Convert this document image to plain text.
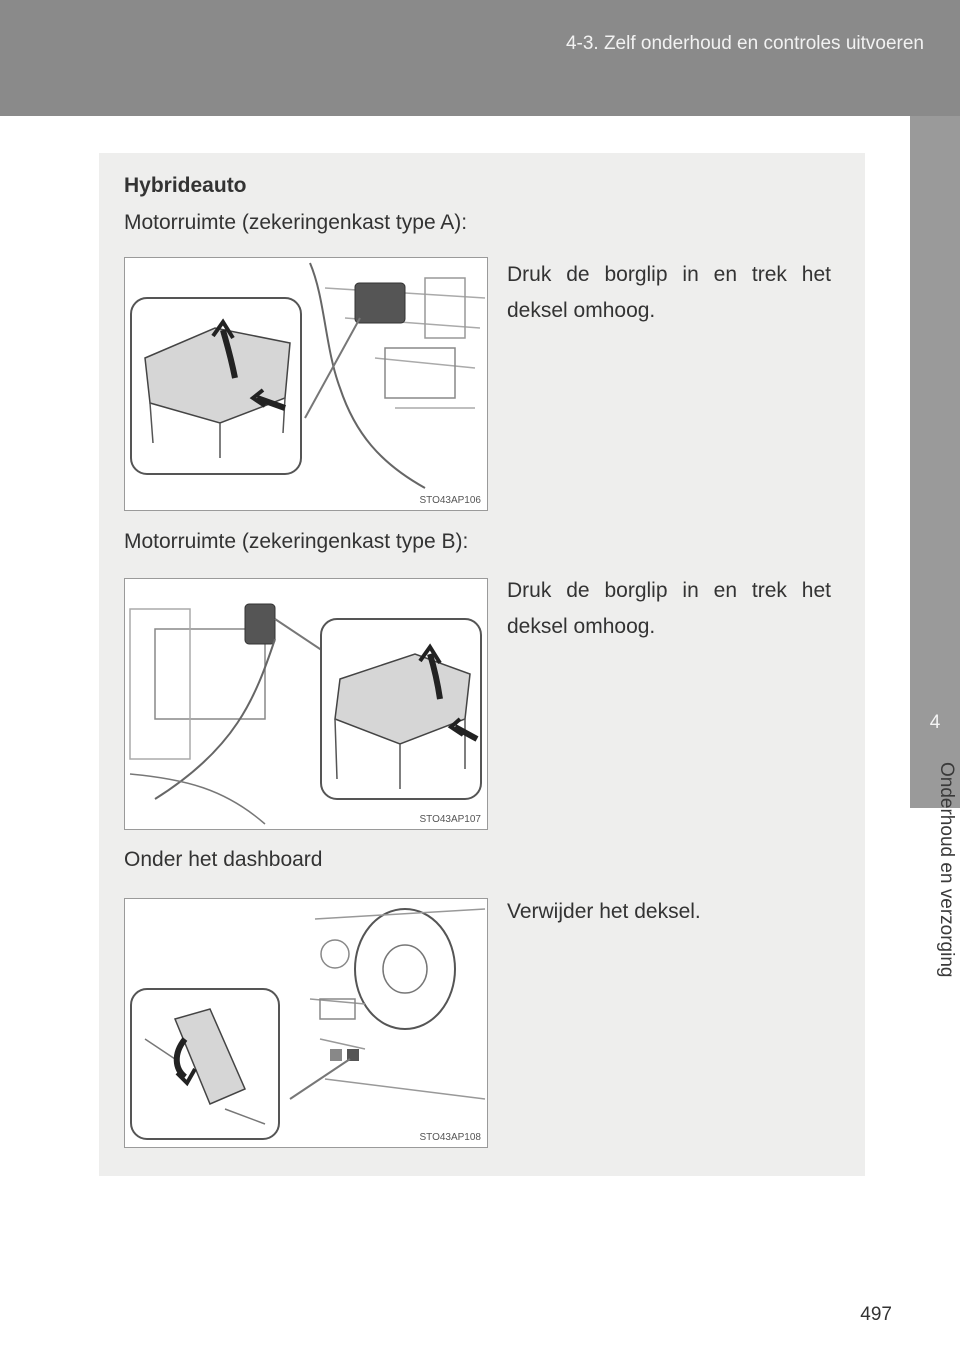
4-3. Zelf onderhoud en controles uitvoeren
4
Onderhoud en verzorging
Hybrideauto
Motorruimte (zekeringenkast type A):
STO43AP106
Druk de borglip in en trek het deksel omhoog.
Motorruimte (zekeringenkast type B):
STO43AP107
Druk de borglip in en trek het deksel omhoog.
Onder het dashboard
STO43AP108
Verwijder het deksel.
497
